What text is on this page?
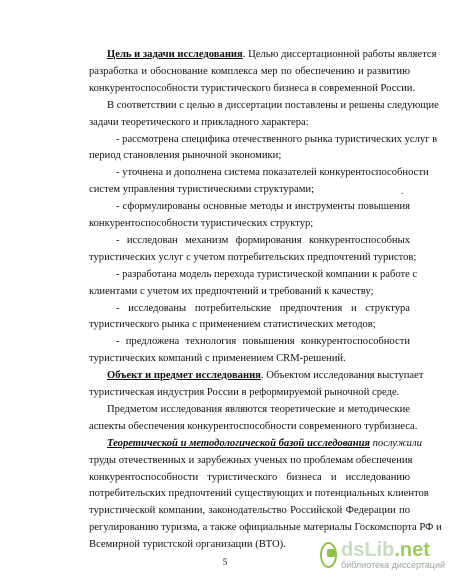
Цель и задачи исследования. Целью диссертационной работы является
разработка и обоснование комплекса мер по обеспечению и развитию
конкурентоспособности туристического бизнеса в современной России.
В соответствии с целью в диссертации поставлены и решены следующие
задачи теоретического и прикладного характера:
- рассмотрена специфика отечественного рынка туристических услуг в
период становления рыночной экономики;
- уточнена и дополнена система показателей конкурентоспособности
систем управления туристическими структурами;
- сформулированы основные методы и инструменты повышения
конкурентоспособности туристических структур;
- исследован механизм формирования конкурентоспособных
туристических услуг с учетом потребительских предпочтений туристов;
- разработана модель перехода туристической компании к работе с
клиентами с учетом их предпочтений и требований к качеству;
- исследованы потребительские предпочтения и структура
туристического рынка с применением статистических методов;
- предложена технология повышения конкурентоспособности
туристических компаний с применением CRM-решений.
Объект и предмет исследования. Объектом исследования выступает
туристическая индустрия России в реформируемой рыночной среде.
Предметом исследования являются теоретические и методические
аспекты обеспечения конкурентоспособности современного турбизнеса.
Теоретической и методологической базой исследования послужили
труды отечественных и зарубежных ученых по проблемам обеспечения
конкурентоспособности туристического бизнеса и исследованию
потребительских предпочтений существующих и потенциальных клиентов
.
5
dsLib.net
библиотека диссертаций
туристической компании, законодательство Российской Федерации по
регулированию туризма, а также официальные материалы Госкомспорта РФ и
Всемирной туристской организации (ВТО).
